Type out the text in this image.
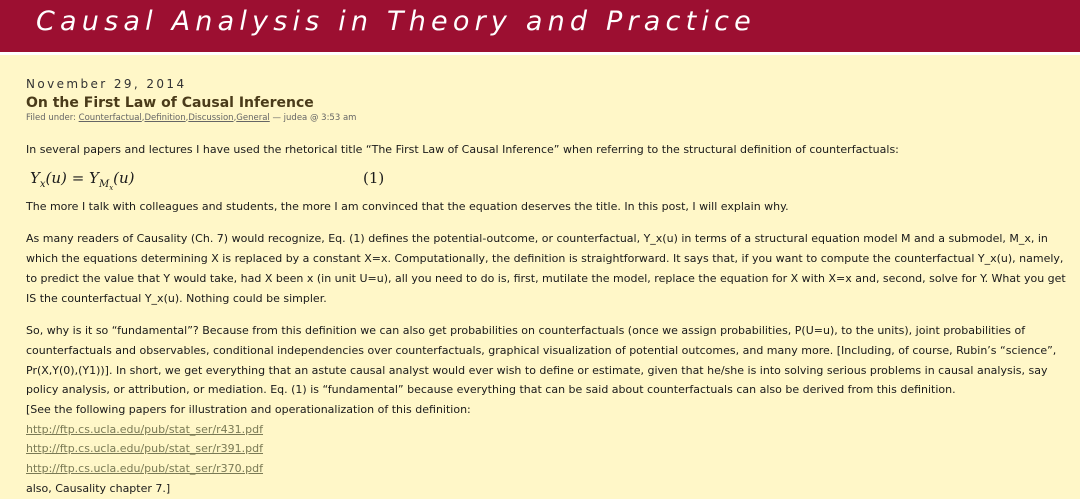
Causal Analysis in Theory and Practice

November 29, 2014

On the First Law of Causal Inference

Filed under: Counterfactual,Definition,Discussion,General — judea @ 3:53 am

In several papers and lectures I have used the rhetorical title “The First Law of Causal Inference” when referring to the structural definition of counterfactuals:

$Y_x(u) = Y_{M_x}(u)$	(1)

The more I talk with colleagues and students, the more I am convinced that the equation deserves the title. In this post, I will explain why.

As many readers of Causality (Ch. 7) would recognize, Eq. (1) defines the potential-outcome, or counterfactual, Y_x(u) in terms of a structural equation model M and a submodel, M_x, in which the equations determining X is replaced by a constant X=x. Computationally, the definition is straightforward. It says that, if you want to compute the counterfactual Y_x(u), namely, to predict the value that Y would take, had X been x (in unit U=u), all you need to do is, first, mutilate the model, replace the equation for X with X=x and, second, solve for Y. What you get IS the counterfactual Y_x(u). Nothing could be simpler.

So, why is it so “fundamental”? Because from this definition we can also get probabilities on counterfactuals (once we assign probabilities, P(U=u), to the units), joint probabilities of counterfactuals and observables, conditional independencies over counterfactuals, graphical visualization of potential outcomes, and many more. [Including, of course, Rubin’s “science”, Pr(X,Y(0),(Y1))]. In short, we get everything that an astute causal analyst would ever wish to define or estimate, given that he/she is into solving serious problems in causal analysis, say policy analysis, or attribution, or mediation. Eq. (1) is “fundamental” because everything that can be said about counterfactuals can also be derived from this definition.

[See the following papers for illustration and operationalization of this definition:

http://ftp.cs.ucla.edu/pub/stat_ser/r431.pdf
http://ftp.cs.ucla.edu/pub/stat_ser/r391.pdf
http://ftp.cs.ucla.edu/pub/stat_ser/r370.pdf

also, Causality chapter 7.]
